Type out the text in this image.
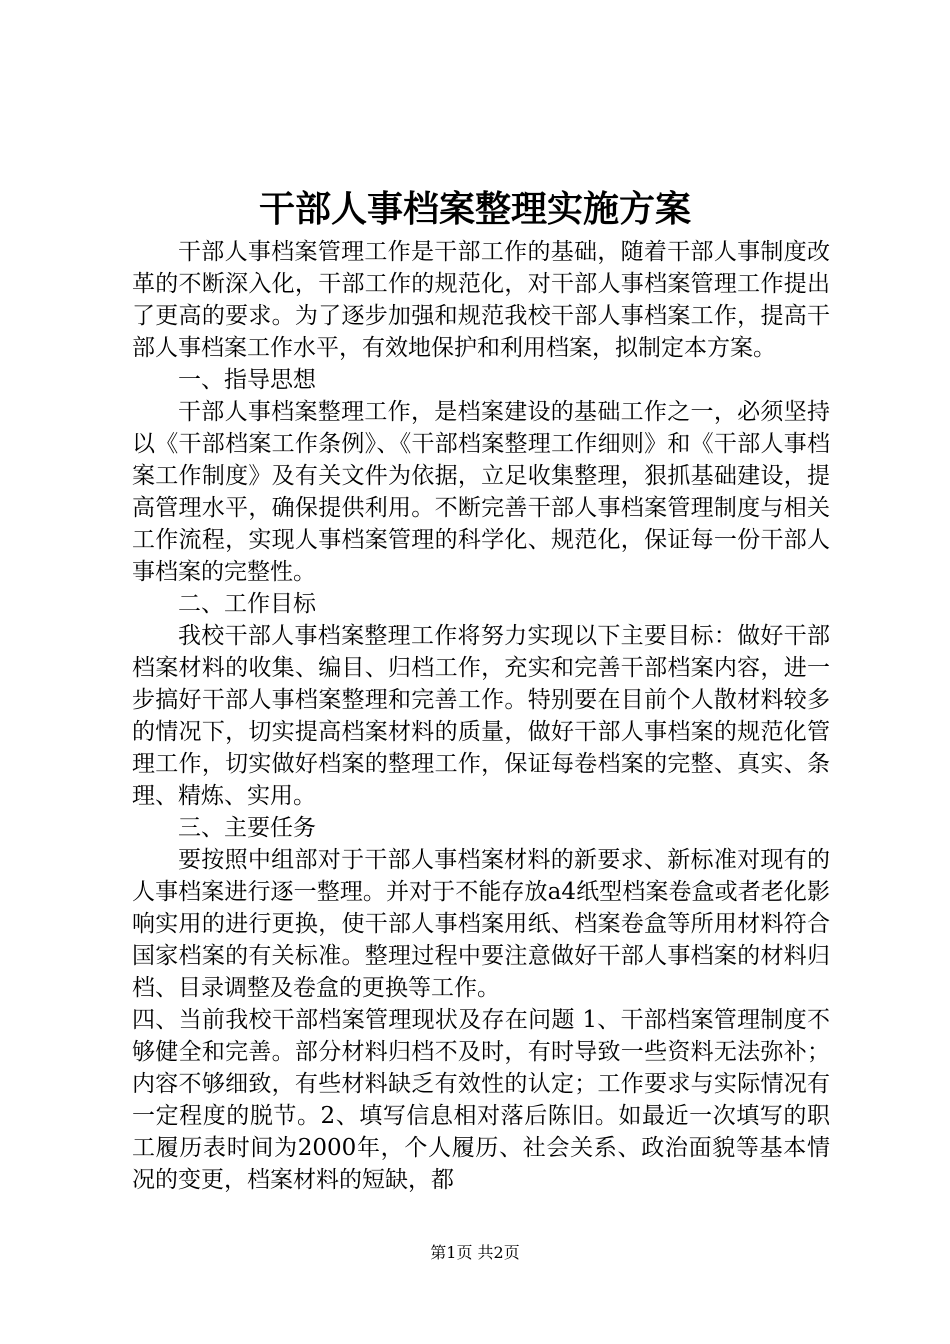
干部人事档案整理实施方案

干部人事档案管理工作是干部工作的基础，随着干部人事制度改革的不断深入化，干部工作的规范化，对干部人事档案管理工作提出了更高的要求。为了逐步加强和规范我校干部人事档案工作，提高干部人事档案工作水平，有效地保护和利用档案，拟制定本方案。

一、指导思想

干部人事档案整理工作，是档案建设的基础工作之一，必须坚持以《干部档案工作条例》、《干部档案整理工作细则》和《干部人事档案工作制度》及有关文件为依据，立足收集整理，狠抓基础建设，提高管理水平，确保提供利用。不断完善干部人事档案管理制度与相关工作流程，实现人事档案管理的科学化、规范化，保证每一份干部人事档案的完整性。

二、工作目标

我校干部人事档案整理工作将努力实现以下主要目标：做好干部档案材料的收集、编目、归档工作，充实和完善干部档案内容，进一步搞好干部人事档案整理和完善工作。特别要在目前个人散材料较多的情况下，切实提高档案材料的质量，做好干部人事档案的规范化管理工作，切实做好档案的整理工作，保证每卷档案的完整、真实、条理、精炼、实用。

三、主要任务

要按照中组部对于干部人事档案材料的新要求、新标准对现有的人事档案进行逐一整理。并对于不能存放a4纸型档案卷盒或者老化影响实用的进行更换，使干部人事档案用纸、档案卷盒等所用材料符合国家档案的有关标准。整理过程中要注意做好干部人事档案的材料归档、目录调整及卷盒的更换等工作。

四、当前我校干部档案管理现状及存在问题 1、干部档案管理制度不够健全和完善。部分材料归档不及时，有时导致一些资料无法弥补；内容不够细致，有些材料缺乏有效性的认定；工作要求与实际情况有一定程度的脱节。2、填写信息相对落后陈旧。如最近一次填写的职工履历表时间为2000年，个人履历、社会关系、政治面貌等基本情况的变更，档案材料的短缺，都

第1页 共2页
